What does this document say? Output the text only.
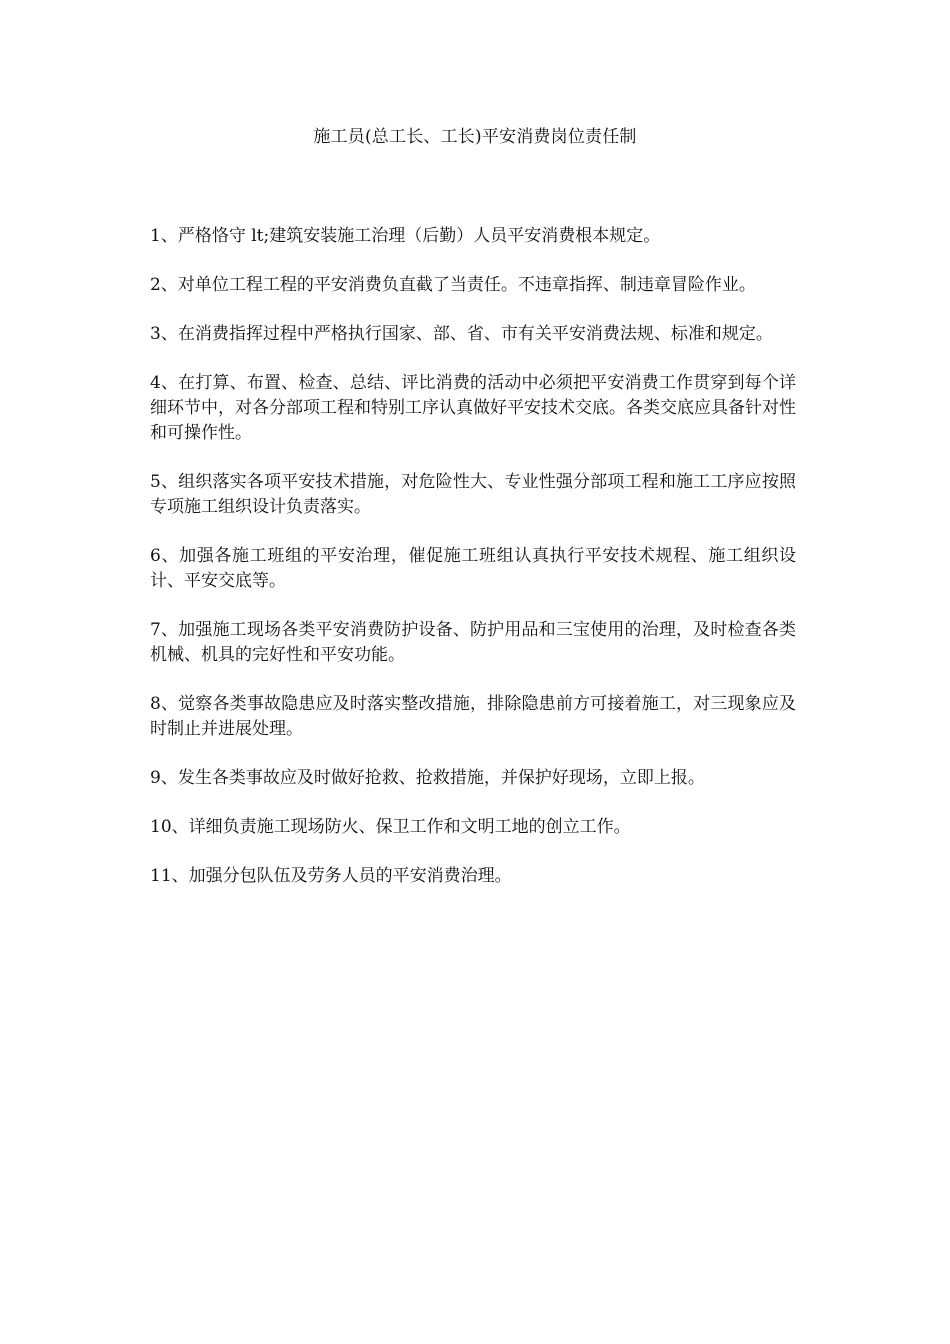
施工员(总工长、工长)平安消费岗位责任制

1、严格恪守 lt;建筑安装施工治理（后勤）人员平安消费根本规定。

2、对单位工程工程的平安消费负直截了当责任。不违章指挥、制违章冒险作业。

3、在消费指挥过程中严格执行国家、部、省、市有关平安消费法规、标准和规定。

4、在打算、布置、检查、总结、评比消费的活动中必须把平安消费工作贯穿到每个详细环节中，对各分部项工程和特别工序认真做好平安技术交底。各类交底应具备针对性和可操作性。

5、组织落实各项平安技术措施，对危险性大、专业性强分部项工程和施工工序应按照专项施工组织设计负责落实。

6、加强各施工班组的平安治理，催促施工班组认真执行平安技术规程、施工组织设计、平安交底等。

7、加强施工现场各类平安消费防护设备、防护用品和三宝使用的治理，及时检查各类机械、机具的完好性和平安功能。

8、觉察各类事故隐患应及时落实整改措施，排除隐患前方可接着施工，对三现象应及时制止并进展处理。

9、发生各类事故应及时做好抢救、抢救措施，并保护好现场，立即上报。

10、详细负责施工现场防火、保卫工作和文明工地的创立工作。

11、加强分包队伍及劳务人员的平安消费治理。
